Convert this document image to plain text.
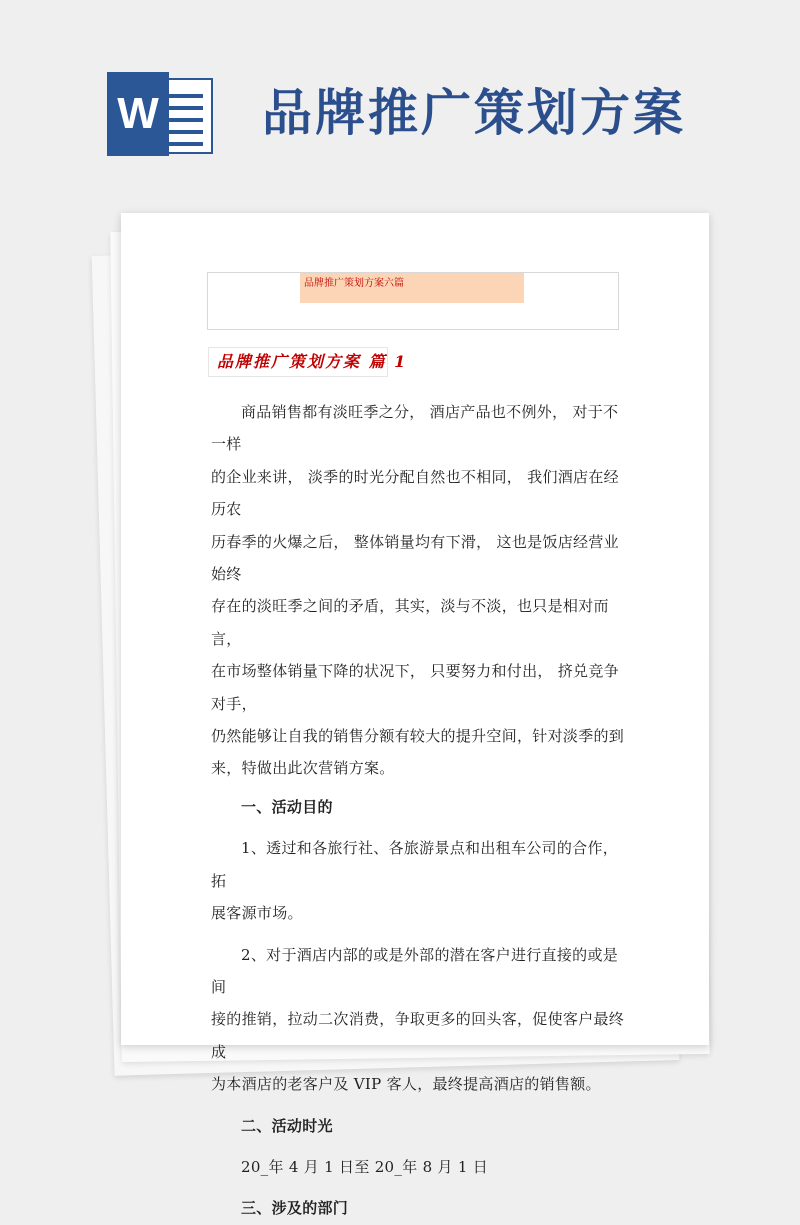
W 品牌推广策划方案
品牌推广策划方案六篇
品牌推广策划方案 篇 1

商品销售都有淡旺季之分， 酒店产品也不例外， 对于不一样

的企业来讲， 淡季的时光分配自然也不相同， 我们酒店在经历农

历春季的火爆之后， 整体销量均有下滑， 这也是饭店经营业始终

存在的淡旺季之间的矛盾，其实，淡与不淡，也只是相对而言，

在市场整体销量下降的状况下， 只要努力和付出， 挤兑竞争对手，

仍然能够让自我的销售分额有较大的提升空间，针对淡季的到

来，特做出此次营销方案。

一、活动目的

1、透过和各旅行社、各旅游景点和出租车公司的合作，拓

展客源市场。

2、对于酒店内部的或是外部的潜在客户进行直接的或是间

接的推销，拉动二次消费，争取更多的回头客，促使客户最终成

为本酒店的老客户及 VIP 客人，最终提高酒店的销售额。

二、活动时光

20_年 4 月 1 日至 20_年 8 月 1 日

三、涉及的部门
